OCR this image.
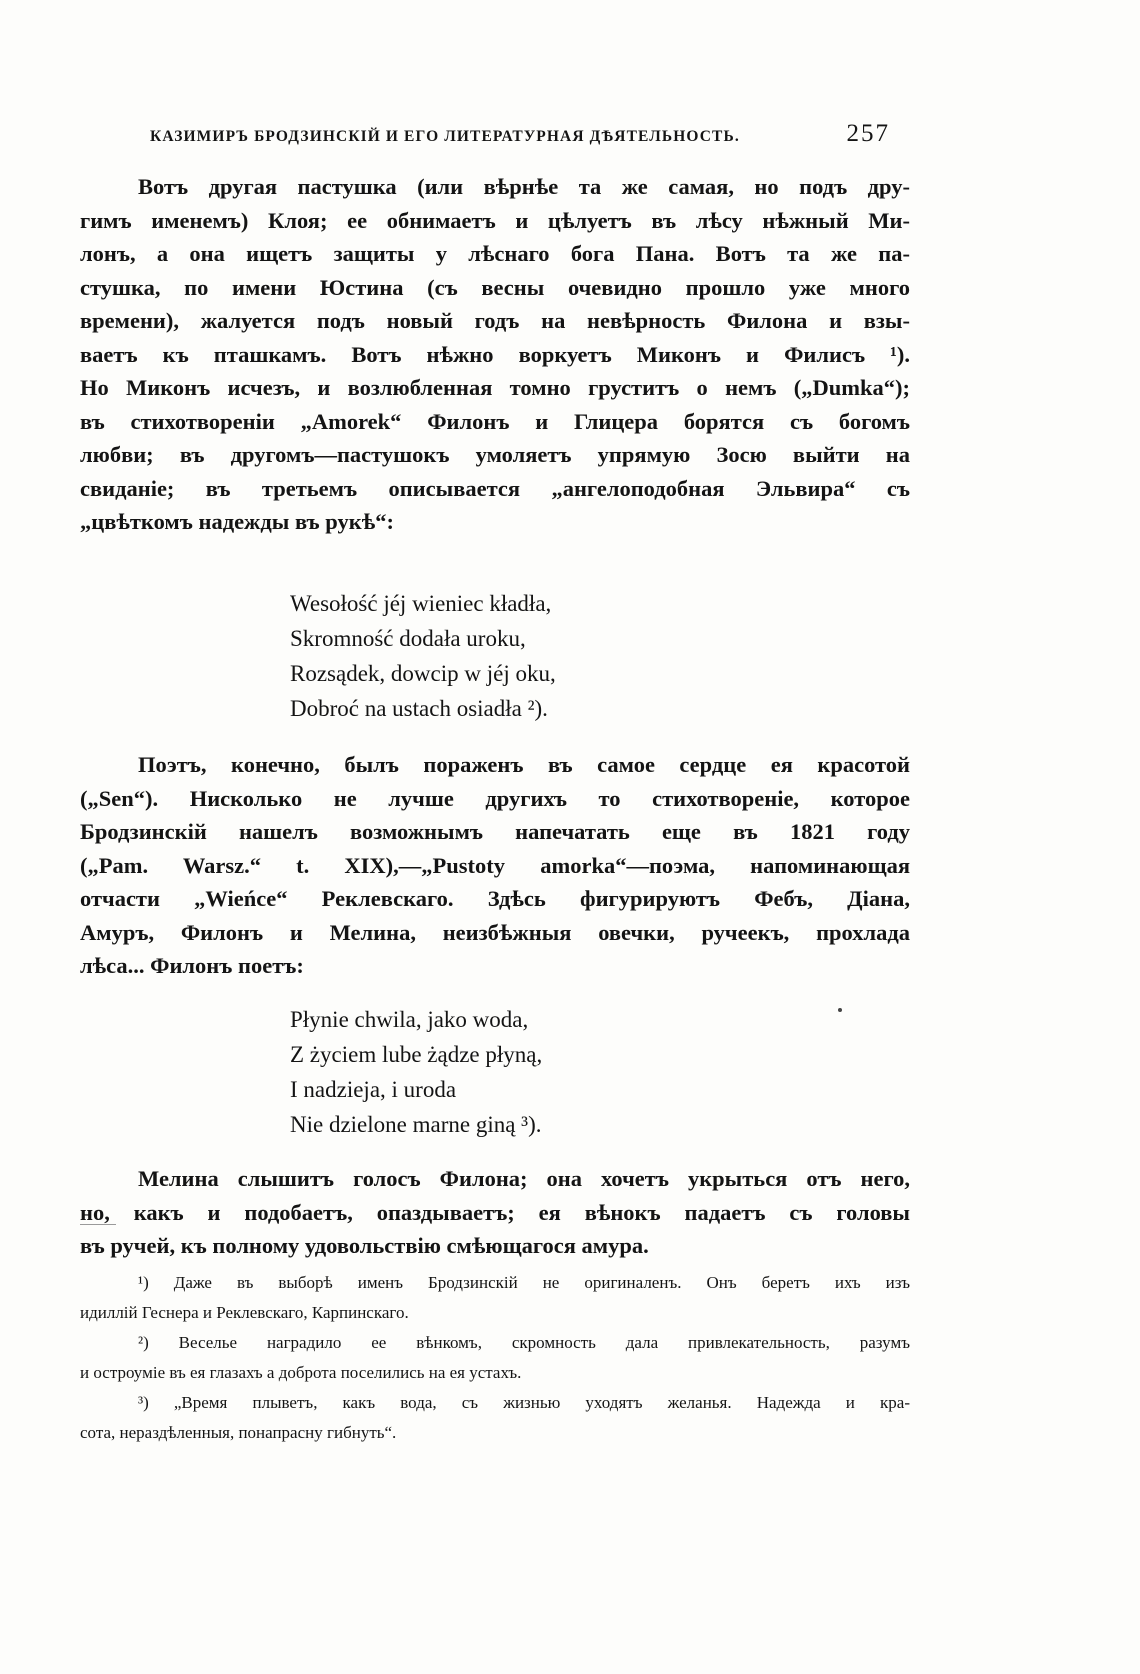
КАЗИМИРЪ БРОДЗИНСКІЙ И ЕГО ЛИТЕРАТУРНАЯ ДѢЯТЕЛЬНОСТЬ.	257

Вотъ другая пастушка (или вѣрнѣе та же самая, но подъ дру-
гимъ именемъ) Клоя; ее обнимаетъ и цѣлуетъ въ лѣсу нѣжный Ми-
лонъ, а она ищетъ защиты у лѣснаго бога Пана. Вотъ та же па-
стушка, по имени Юстина (съ весны очевидно прошло уже много
времени), жалуется подъ новый годъ на невѣрность Филона и взы-
ваетъ къ пташкамъ. Вотъ нѣжно воркуетъ Миконъ и Филисъ ¹).
Но Миконъ исчезъ, и возлюбленная томно груститъ о немъ („Dumka“);
въ стихотвореніи „Amorek“ Филонъ и Глицера борятся съ богомъ
любви; въ другомъ—пастушокъ умоляетъ упрямую Зосю выйти на
свиданіе; въ третьемъ описывается „ангелоподобная Эльвира“ съ
„цвѣткомъ надежды въ рукѣ“:

Wesołość jéj wieniec kładła,
Skromność dodała uroku,
Rozsądek, dowcip w jéj oku,
Dobroć na ustach osiadła ²).

Поэтъ, конечно, былъ пораженъ въ самое сердце ея красотой
(„Sen“). Нисколько не лучше другихъ то стихотвореніе, которое
Бродзинскій нашелъ возможнымъ напечатать еще въ 1821 году
(„Pam. Warsz.“ t. XIX),—„Pustoty amorka“—поэма, напоминающая
отчасти „Wieńce“ Реклевскаго. Здѣсь фигурируютъ Фебъ, Діана,
Амуръ, Филонъ и Мелина, неизбѣжныя овечки, ручеекъ, прохлада
лѣса... Филонъ поетъ:

Płynie chwila, jako woda,
Z życiem lube żądze płyną,
I nadzieja, i uroda
Nie dzielone marne giną ³).

Мелина слышитъ голосъ Филона; она хочетъ укрыться отъ него,
но, какъ и подобаетъ, опаздываетъ; ея вѣнокъ падаетъ съ головы
въ ручей, къ полному удовольствію смѣющагося амура.

¹) Даже въ выборѣ именъ Бродзинскій не оригиналенъ. Онъ беретъ ихъ изъ
идиллій Геснера и Реклевскаго, Карпинскаго.

²) Веселье наградило ее вѣнкомъ, скромность дала привлекательность, разумъ
и остроуміе въ ея глазахъ а доброта поселились на ея устахъ.

³) „Время плыветъ, какъ вода, съ жизнью уходятъ желанья. Надежда и кра-
сота, нераздѣленныя, понапрасну гибнуть“.
